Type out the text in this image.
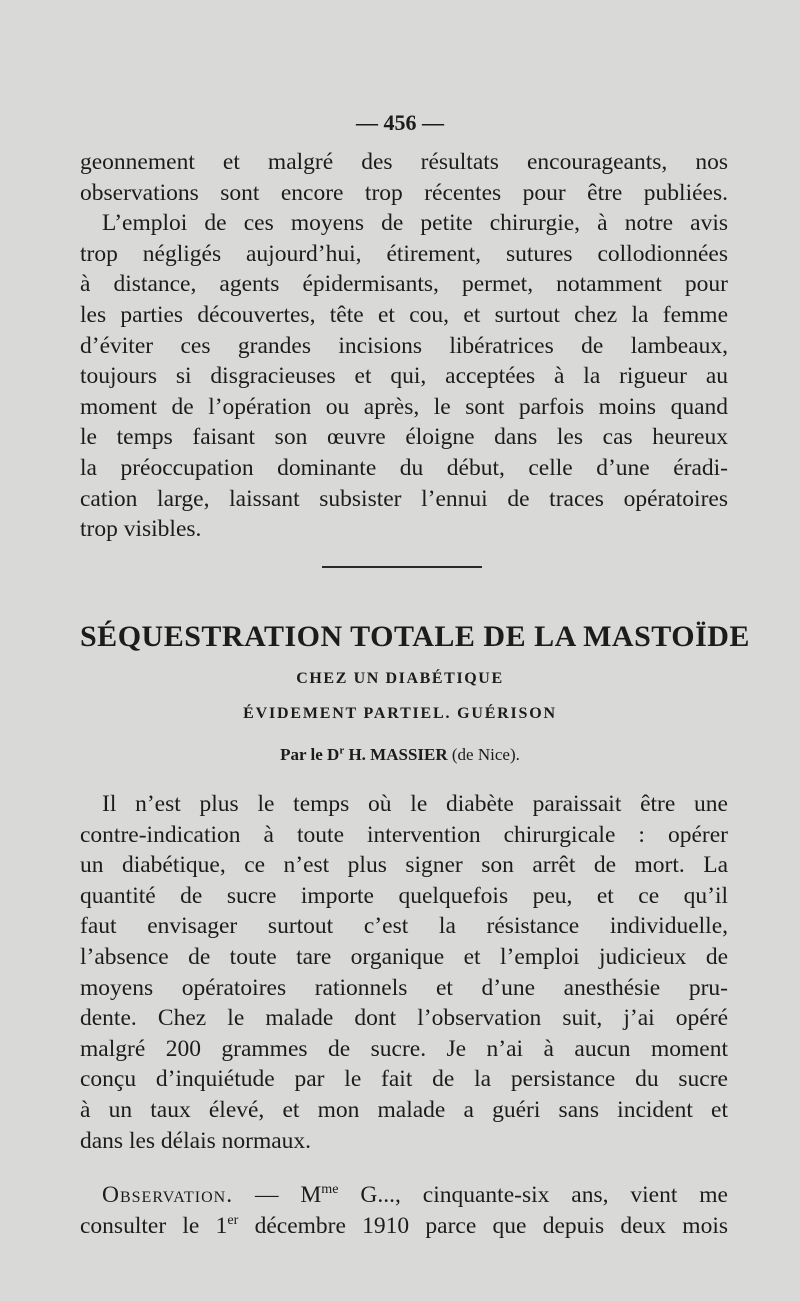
— 456 —
geonnement et malgré des résultats encourageants, nos
observations sont encore trop récentes pour être publiées.
L’emploi de ces moyens de petite chirurgie, à notre avis
trop négligés aujourd’hui, étirement, sutures collodionnées
à distance, agents épidermisants, permet, notamment pour
les parties découvertes, tête et cou, et surtout chez la femme
d’éviter ces grandes incisions libératrices de lambeaux,
toujours si disgracieuses et qui, acceptées à la rigueur au
moment de l’opération ou après, le sont parfois moins quand
le temps faisant son œuvre éloigne dans les cas heureux
la préoccupation dominante du début, celle d’une éradi-
cation large, laissant subsister l’ennui de traces opératoires
trop visibles.
SÉQUESTRATION TOTALE DE LA MASTOÏDE
CHEZ UN DIABÉTIQUE
ÉVIDEMENT PARTIEL. GUÉRISON
Par le $D^r$ H. MASSIER (de Nice).
Il n’est plus le temps où le diabète paraissait être une
contre-indication à toute intervention chirurgicale : opérer
un diabétique, ce n’est plus signer son arrêt de mort. La
quantité de sucre importe quelquefois peu, et ce qu’il
faut envisager surtout c’est la résistance individuelle,
l’absence de toute tare organique et l’emploi judicieux de
moyens opératoires rationnels et d’une anesthésie pru-
dente. Chez le malade dont l’observation suit, j’ai opéré
malgré 200 grammes de sucre. Je n’ai à aucun moment
conçu d’inquiétude par le fait de la persistance du sucre
à un taux élevé, et mon malade a guéri sans incident et
dans les délais normaux.
Observation. — $M^{me}$ G..., cinquante-six ans, vient me
consulter le 1er décembre 1910 parce que depuis deux mois
